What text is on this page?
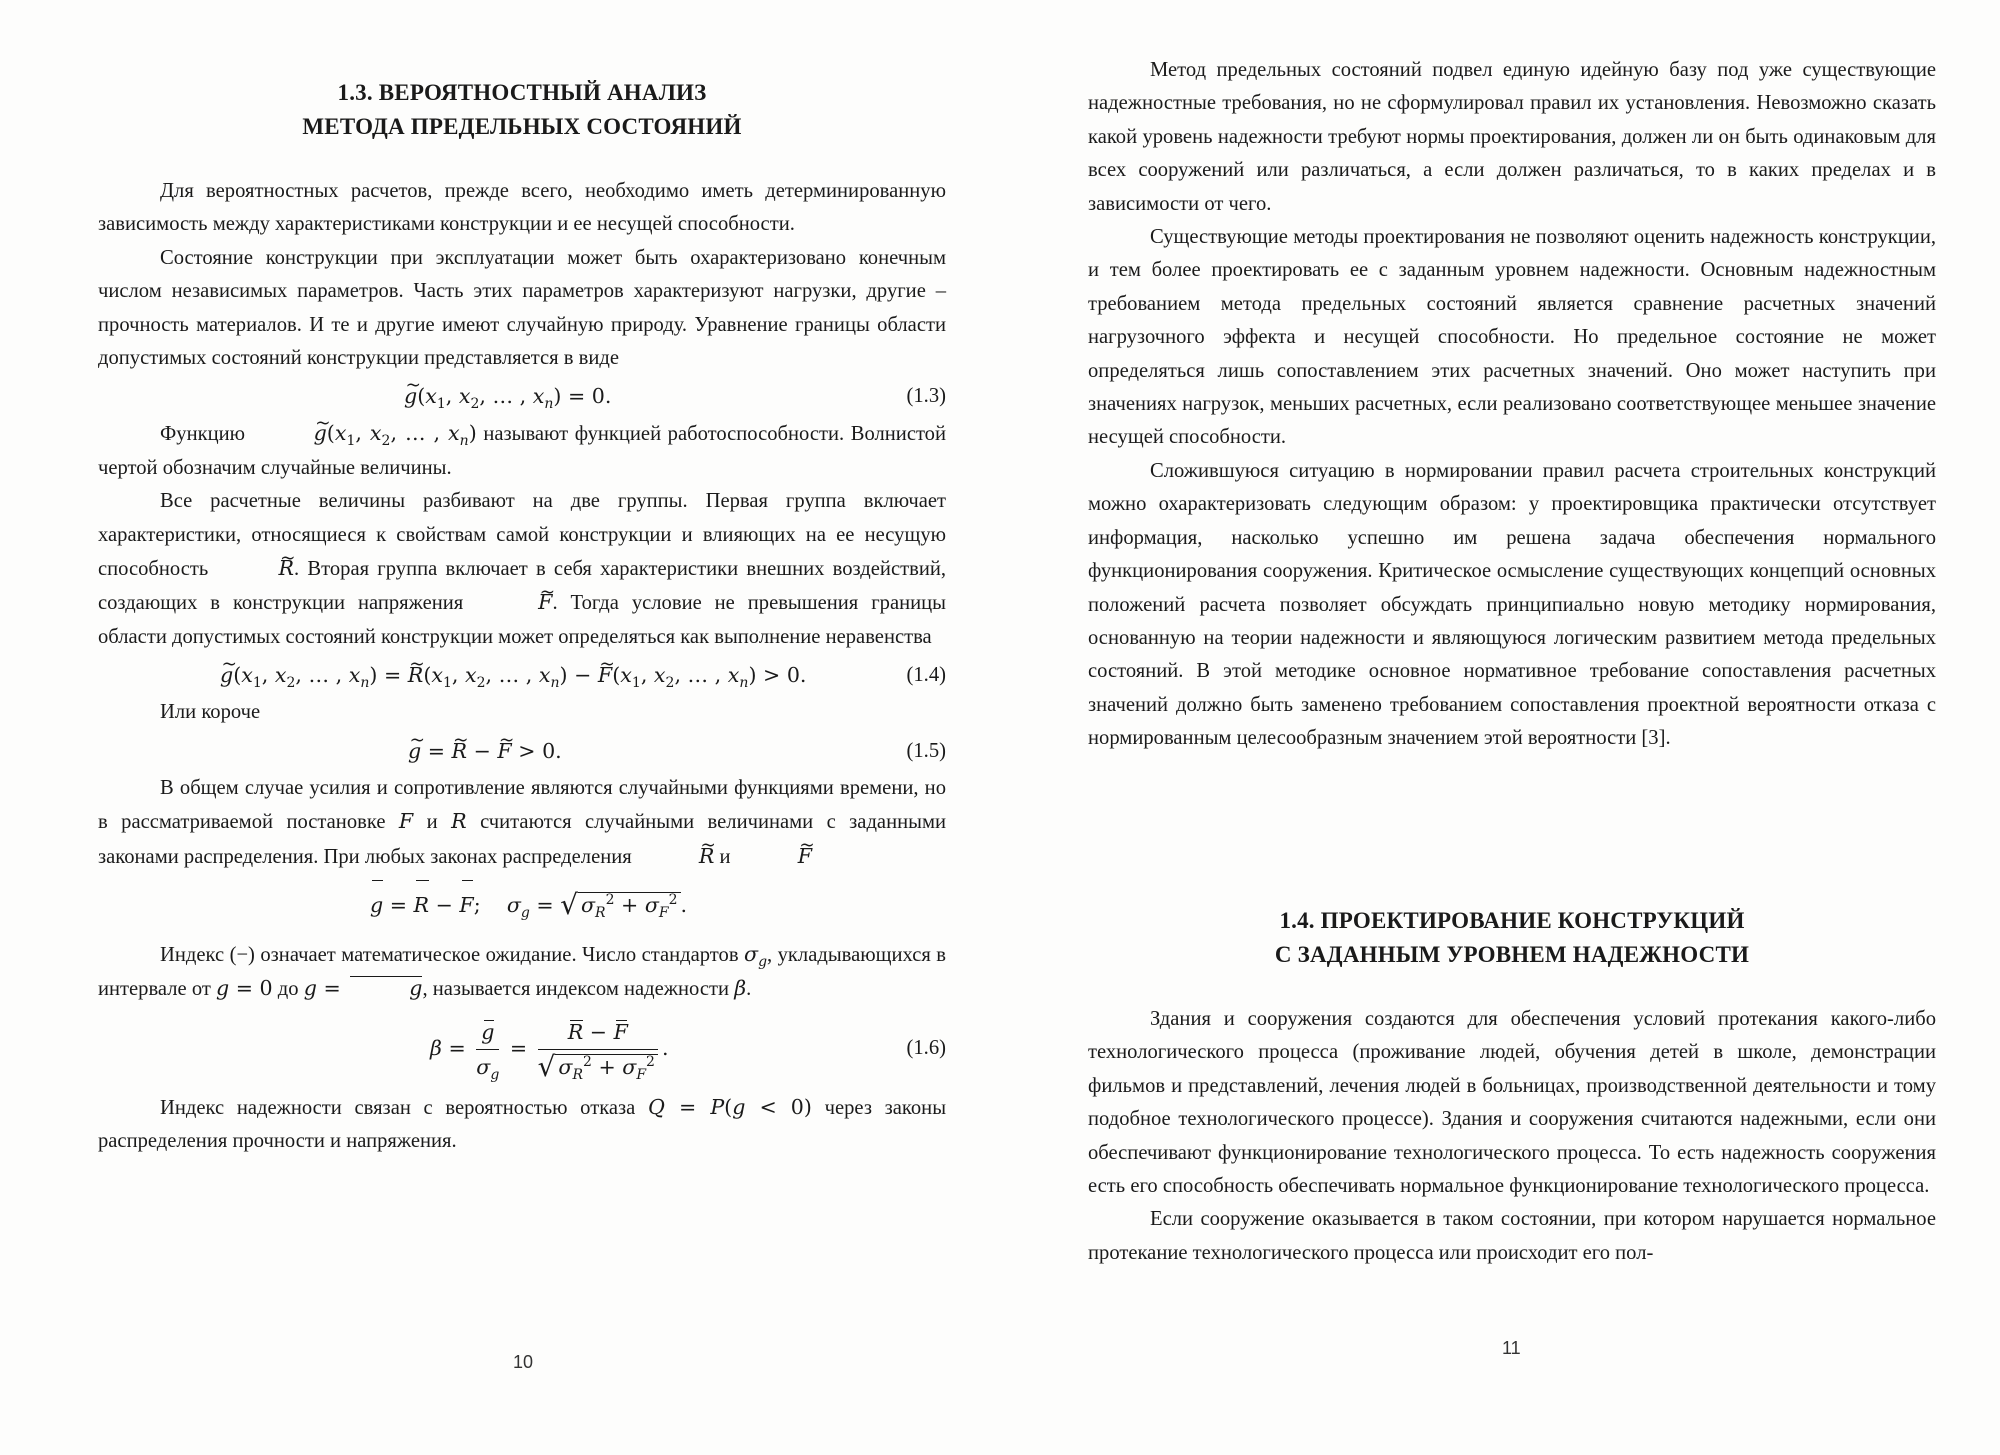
1.3. ВЕРОЯТНОСТНЫЙ АНАЛИЗ
МЕТОДА ПРЕДЕЛЬНЫХ СОСТОЯНИЙ

Для вероятностных расчетов, прежде всего, необходимо иметь детерминированную зависимость между характеристиками конструкции и ее несущей способности.

Состояние конструкции при эксплуатации может быть охарактеризовано конечным числом независимых параметров. Часть этих параметров характеризуют нагрузки, другие – прочность материалов. И те и другие имеют случайную природу. Уравнение границы области допустимых состояний конструкции представляется в виде

~ $g(x_1$, $x_2$, … , $x_n) = 0$.	(1.3)

Функцию	~ $g(x_1$, $x_2$, … , $x_n$) называют функцией работоспособности. Волнистой чертой обозначим случайные величины.

Все расчетные величины разбивают на две группы. Первая группа включает характеристики, относящиеся к свойствам самой конструкции и влияющих на ее несущую способность	~ R. Вторая группа включает в себя характеристики внешних воздействий, создающих в конструкции напряжения	~ F. Тогда условие не превышения границы области допустимых состояний конструкции может определяться как выполнение неравенства

~ $g(x_1$, $x_2$, … , $x_n$) = ~ $R(x_1$, $x_2$, … , $x_n$) − ~ $F(x_1$, $x_2$, … , $x_n) > 0$.	(1.4)

Или короче

~ g = ~ R − ~ F > 0.	(1.5)

В общем случае усилия и сопротивление являются случайными функциями времени, но в рассматриваемой постановке F и R считаются случайными величинами с заданными законами распределения. При любых законах распределения	~ R и	~ F

g = R − F;    $\sigma_g$ = √ $\sigma_R^2 + \sigma_F^2$ .

Индекс (−) означает математическое ожидание. Число стандартов $\sigma_g$, укладывающихся в интервале от g = 0 до g =	g, называется индексом надежности β.

$\beta = \frac{g}{\sigma_g} = \frac{R - F}{√ \sigma_R^2 + \sigma_F^2}$ .	(1.6)

Индекс надежности связан с вероятностью отказа Q = P(g < 0) через законы распределения прочности и напряжения.

10

Метод предельных состояний подвел единую идейную базу под уже существующие надежностные требования, но не сформулировал правил их установления. Невозможно сказать какой уровень надежности требуют нормы проектирования, должен ли он быть одинаковым для всех сооружений или различаться, а если должен различаться, то в каких пределах и в зависимости от чего.

Существующие методы проектирования не позволяют оценить надежность конструкции, и тем более проектировать ее с заданным уровнем надежности. Основным надежностным требованием метода предельных состояний является сравнение расчетных значений нагрузочного эффекта и несущей способности. Но предельное состояние не может определяться лишь сопоставлением этих расчетных значений. Оно может наступить при значениях нагрузок, меньших расчетных, если реализовано соответствующее меньшее значение несущей способности.

Сложившуюся ситуацию в нормировании правил расчета строительных конструкций можно охарактеризовать следующим образом: у проектировщика практически отсутствует информация, насколько успешно им решена задача обеспечения нормального функционирования сооружения. Критическое осмысление существующих концепций основных положений расчета позволяет обсуждать принципиально новую методику нормирования, основанную на теории надежности и являющуюся логическим развитием метода предельных состояний. В этой методике основное нормативное требование сопоставления расчетных значений должно быть заменено требованием сопоставления проектной вероятности отказа с нормированным целесообразным значением этой вероятности [3].

1.4. ПРОЕКТИРОВАНИЕ КОНСТРУКЦИЙ
С ЗАДАННЫМ УРОВНЕМ НАДЕЖНОСТИ

Здания и сооружения создаются для обеспечения условий протекания какого-либо технологического процесса (проживание людей, обучения детей в школе, демонстрации фильмов и представлений, лечения людей в больницах, производственной деятельности и тому подобное технологического процессе). Здания и сооружения считаются надежными, если они обеспечивают функционирование технологического процесса. То есть надежность сооружения есть его способность обеспечивать нормальное функционирование технологического процесса.

Если сооружение оказывается в таком состоянии, при котором нарушается нормальное протекание технологического процесса или происходит его пол-

11
